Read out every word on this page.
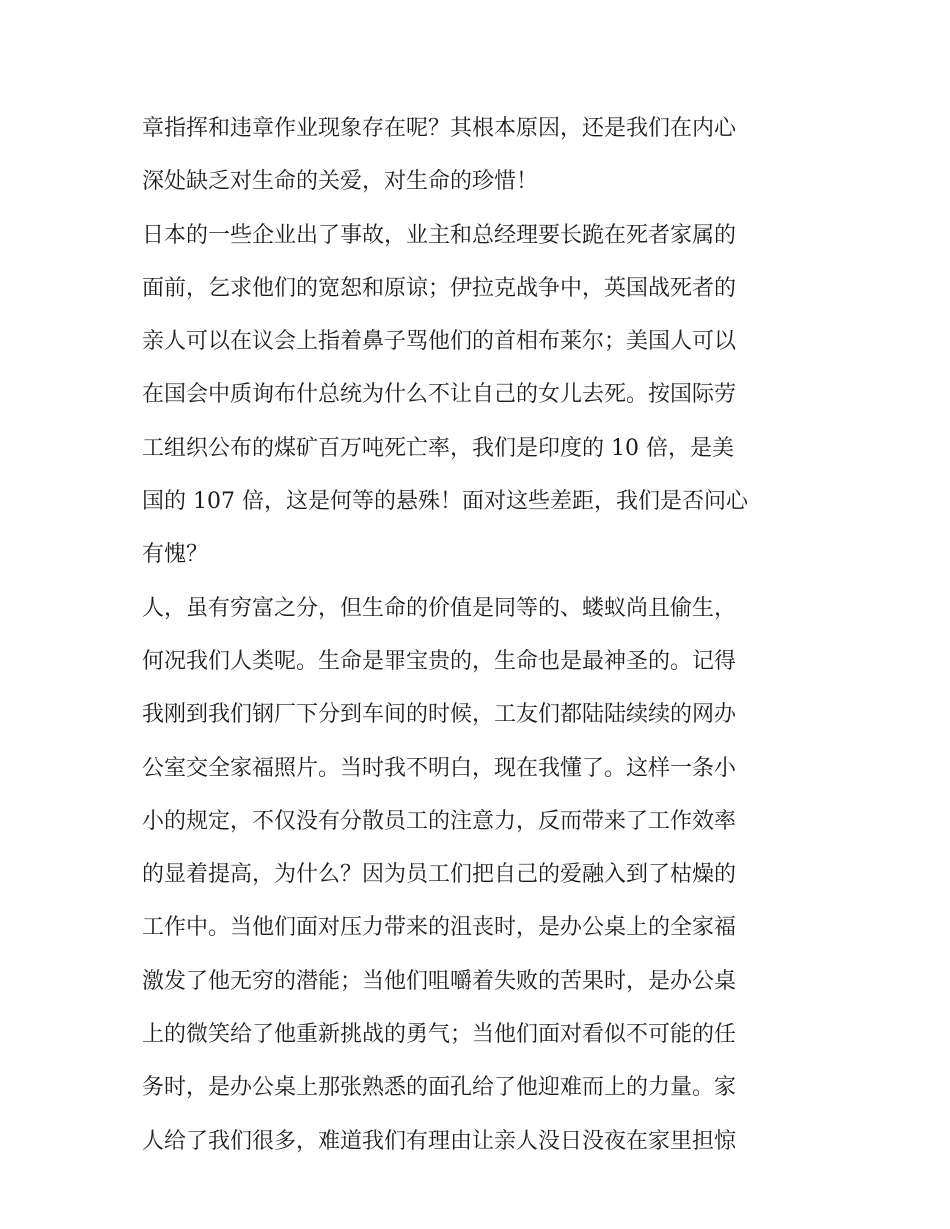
章指挥和违章作业现象存在呢？其根本原因，还是我们在内心
深处缺乏对生命的关爱，对生命的珍惜！
日本的一些企业出了事故，业主和总经理要长跪在死者家属的
面前，乞求他们的宽恕和原谅；伊拉克战争中，英国战死者的
亲人可以在议会上指着鼻子骂他们的首相布莱尔；美国人可以
在国会中质询布什总统为什么不让自己的女儿去死。按国际劳
工组织公布的煤矿百万吨死亡率，我们是印度的 10 倍，是美
国的 107 倍，这是何等的悬殊！面对这些差距，我们是否问心
有愧？
人，虽有穷富之分，但生命的价值是同等的、蝼蚁尚且偷生，
何况我们人类呢。生命是罪宝贵的，生命也是最神圣的。记得
我刚到我们钢厂下分到车间的时候，工友们都陆陆续续的网办
公室交全家福照片。当时我不明白，现在我懂了。这样一条小
小的规定，不仅没有分散员工的注意力，反而带来了工作效率
的显着提高，为什么？因为员工们把自己的爱融入到了枯燥的
工作中。当他们面对压力带来的沮丧时，是办公桌上的全家福
激发了他无穷的潜能；当他们咀嚼着失败的苦果时，是办公桌
上的微笑给了他重新挑战的勇气；当他们面对看似不可能的任
务时，是办公桌上那张熟悉的面孔给了他迎难而上的力量。家
人给了我们很多，难道我们有理由让亲人没日没夜在家里担惊
